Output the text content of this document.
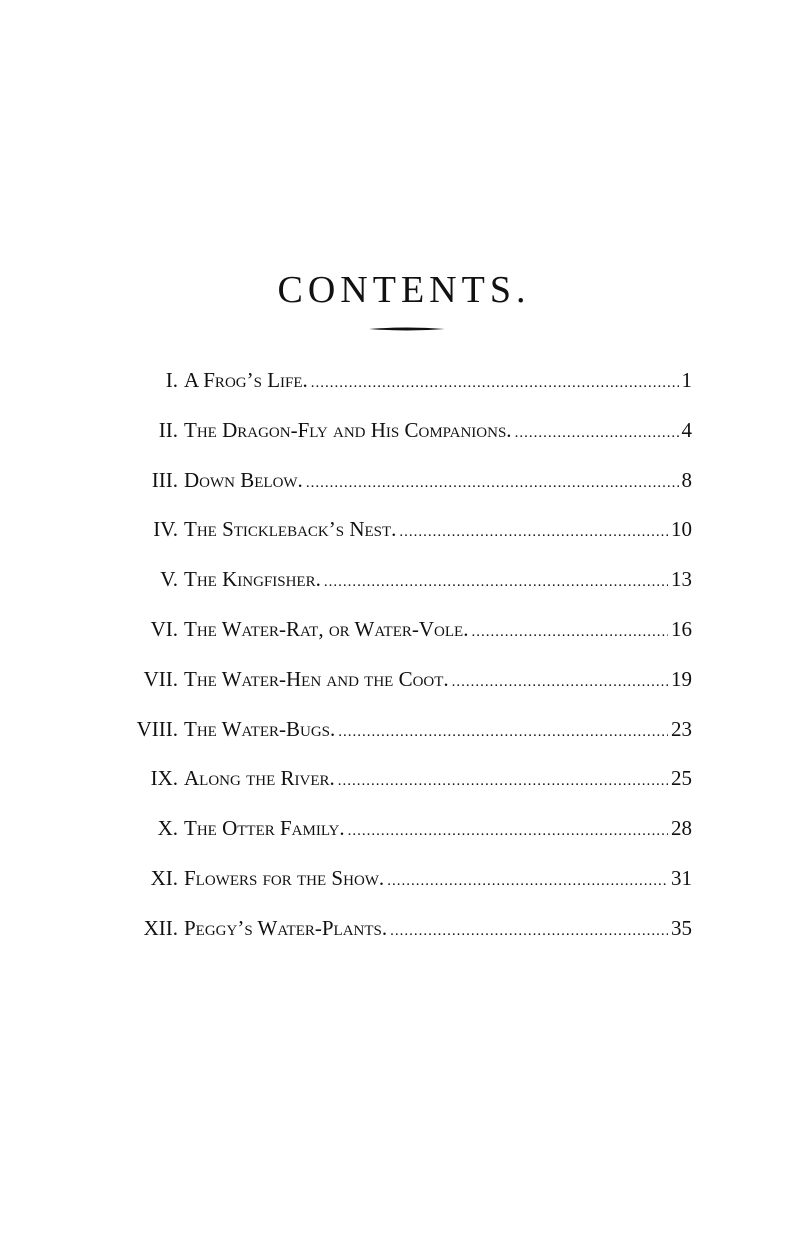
CONTENTS.
I. A Frog’s Life. .....	1
II. The Dragon-Fly and His Companions. .....	4
III. Down Below. .....	8
IV. The Stickleback’s Nest. .....	10
V. The Kingfisher. .....	13
VI. The Water-Rat, or Water-Vole. .....	16
VII. The Water-Hen and the Coot. .....	19
VIII. The Water-Bugs. .....	23
IX. Along the River. .....	25
X. The Otter Family. .....	28
XI. Flowers for the Show. .....	31
XII. Peggy’s Water-Plants. .....	35
